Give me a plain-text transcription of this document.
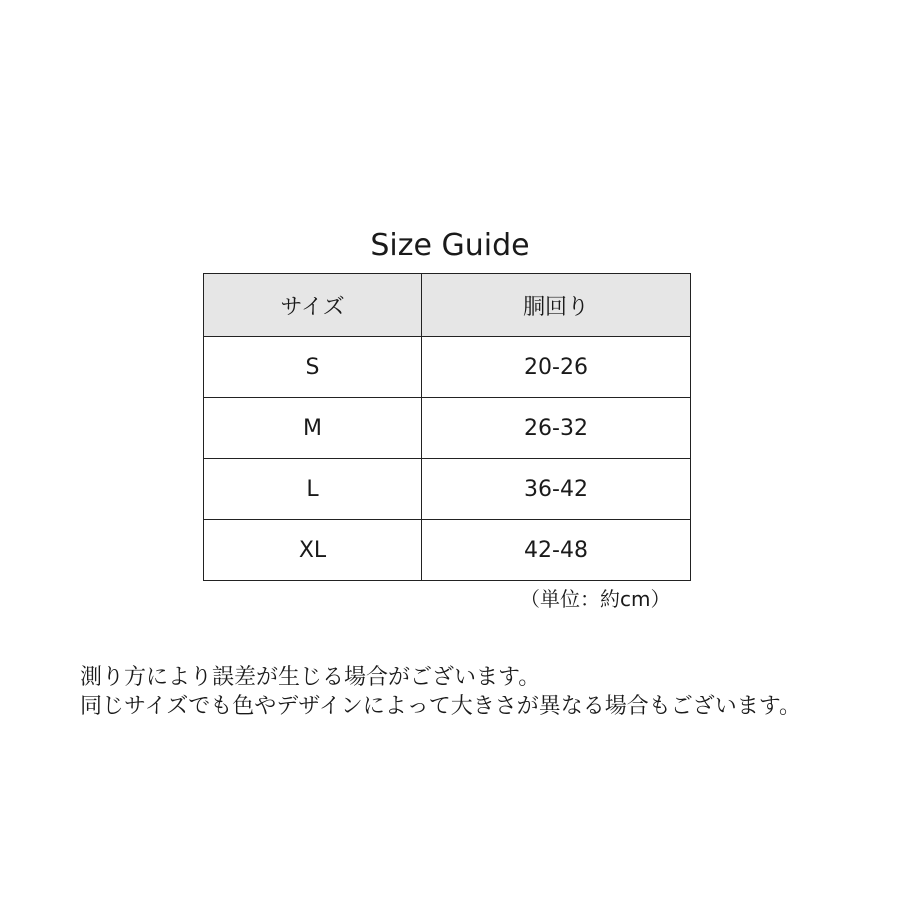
Size Guide
サイズ	胴回り
S	20-26
M	26-32
L	36-42
XL	42-48
（単位：約cm）
測り方により誤差が生じる場合がございます。
同じサイズでも色やデザインによって大きさが異なる場合もございます。
